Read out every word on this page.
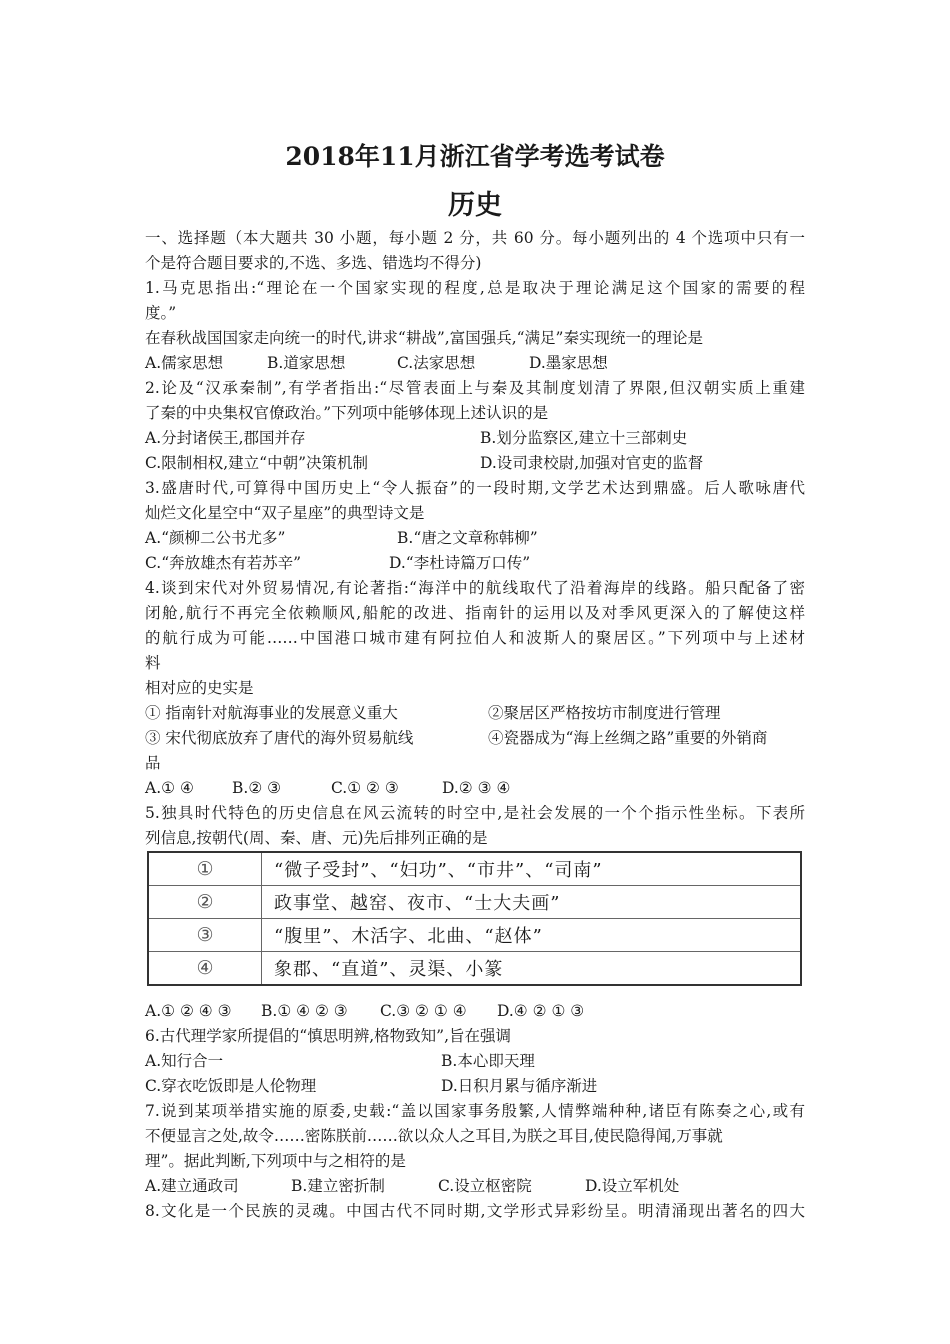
2018年11月浙江省学考选考试卷
历史
一、选择题（本大题共 30 小题，每小题 2 分，共 60 分。每小题列出的 4 个选项中只有一
个是符合题目要求的,不选、多选、错选均不得分)
1.马克思指出:“理论在一个国家实现的程度,总是取决于理论满足这个国家的需要的程
度。”
在春秋战国国家走向统一的时代,讲求“耕战”,富国强兵,“满足”秦实现统一的理论是
A.儒家思想	B.道家思想	C.法家思想	D.墨家思想
2.论及“汉承秦制”,有学者指出:“尽管表面上与秦及其制度划清了界限,但汉朝实质上重建
了秦的中央集权官僚政治。”下列项中能够体现上述认识的是
A.分封诸侯王,郡国并存	B.划分监察区,建立十三部刺史
C.限制相权,建立“中朝”决策机制	D.设司隶校尉,加强对官吏的监督
3.盛唐时代,可算得中国历史上“令人振奋”的一段时期,文学艺术达到鼎盛。后人歌咏唐代
灿烂文化星空中“双子星座”的典型诗文是
A.“颜柳二公书尤多”	B.“唐之文章称韩柳”
C.“奔放雄杰有若苏辛”	D.“李杜诗篇万口传”
4.谈到宋代对外贸易情况,有论著指:“海洋中的航线取代了沿着海岸的线路。船只配备了密
闭舱,航行不再完全依赖顺风,船舵的改进、指南针的运用以及对季风更深入的了解使这样
的航行成为可能……中国港口城市建有阿拉伯人和波斯人的聚居区。”下列项中与上述材
料
相对应的史实是
① 指南针对航海事业的发展意义重大	②聚居区严格按坊市制度进行管理
③ 宋代彻底放弃了唐代的海外贸易航线	④瓷器成为“海上丝绸之路”重要的外销商
品
A.① ④ B.② ③	C.① ② ③	D.② ③ ④
5.独具时代特色的历史信息在风云流转的时空中,是社会发展的一个个指示性坐标。下表所
列信息,按朝代(周、秦、唐、元)先后排列正确的是
①	“微子受封”、“妇功”、“市井”、“司南”
②	政事堂、越窑、夜市、“士大夫画”
③	“腹里”、木活字、北曲、“赵体”
④	象郡、“直道”、灵渠、小篆
A.① ② ④ ③ B.① ④ ② ③ C.③ ② ① ④ D.④ ② ① ③
6.古代理学家所提倡的“慎思明辨,格物致知”,旨在强调
A.知行合一	B.本心即天理
C.穿衣吃饭即是人伦物理	D.日积月累与循序渐进
7.说到某项举措实施的原委,史载:“盖以国家事务殷繁,人情弊端种种,诸臣有陈奏之心,或有
不便显言之处,故令……密陈朕前……欲以众人之耳目,为朕之耳目,使民隐得闻,万事就
理”。据此判断,下列项中与之相符的是
A.建立通政司	B.建立密折制	C.设立枢密院	D.设立军机处
8.文化是一个民族的灵魂。中国古代不同时期,文学形式异彩纷呈。明清涌现出著名的四大
